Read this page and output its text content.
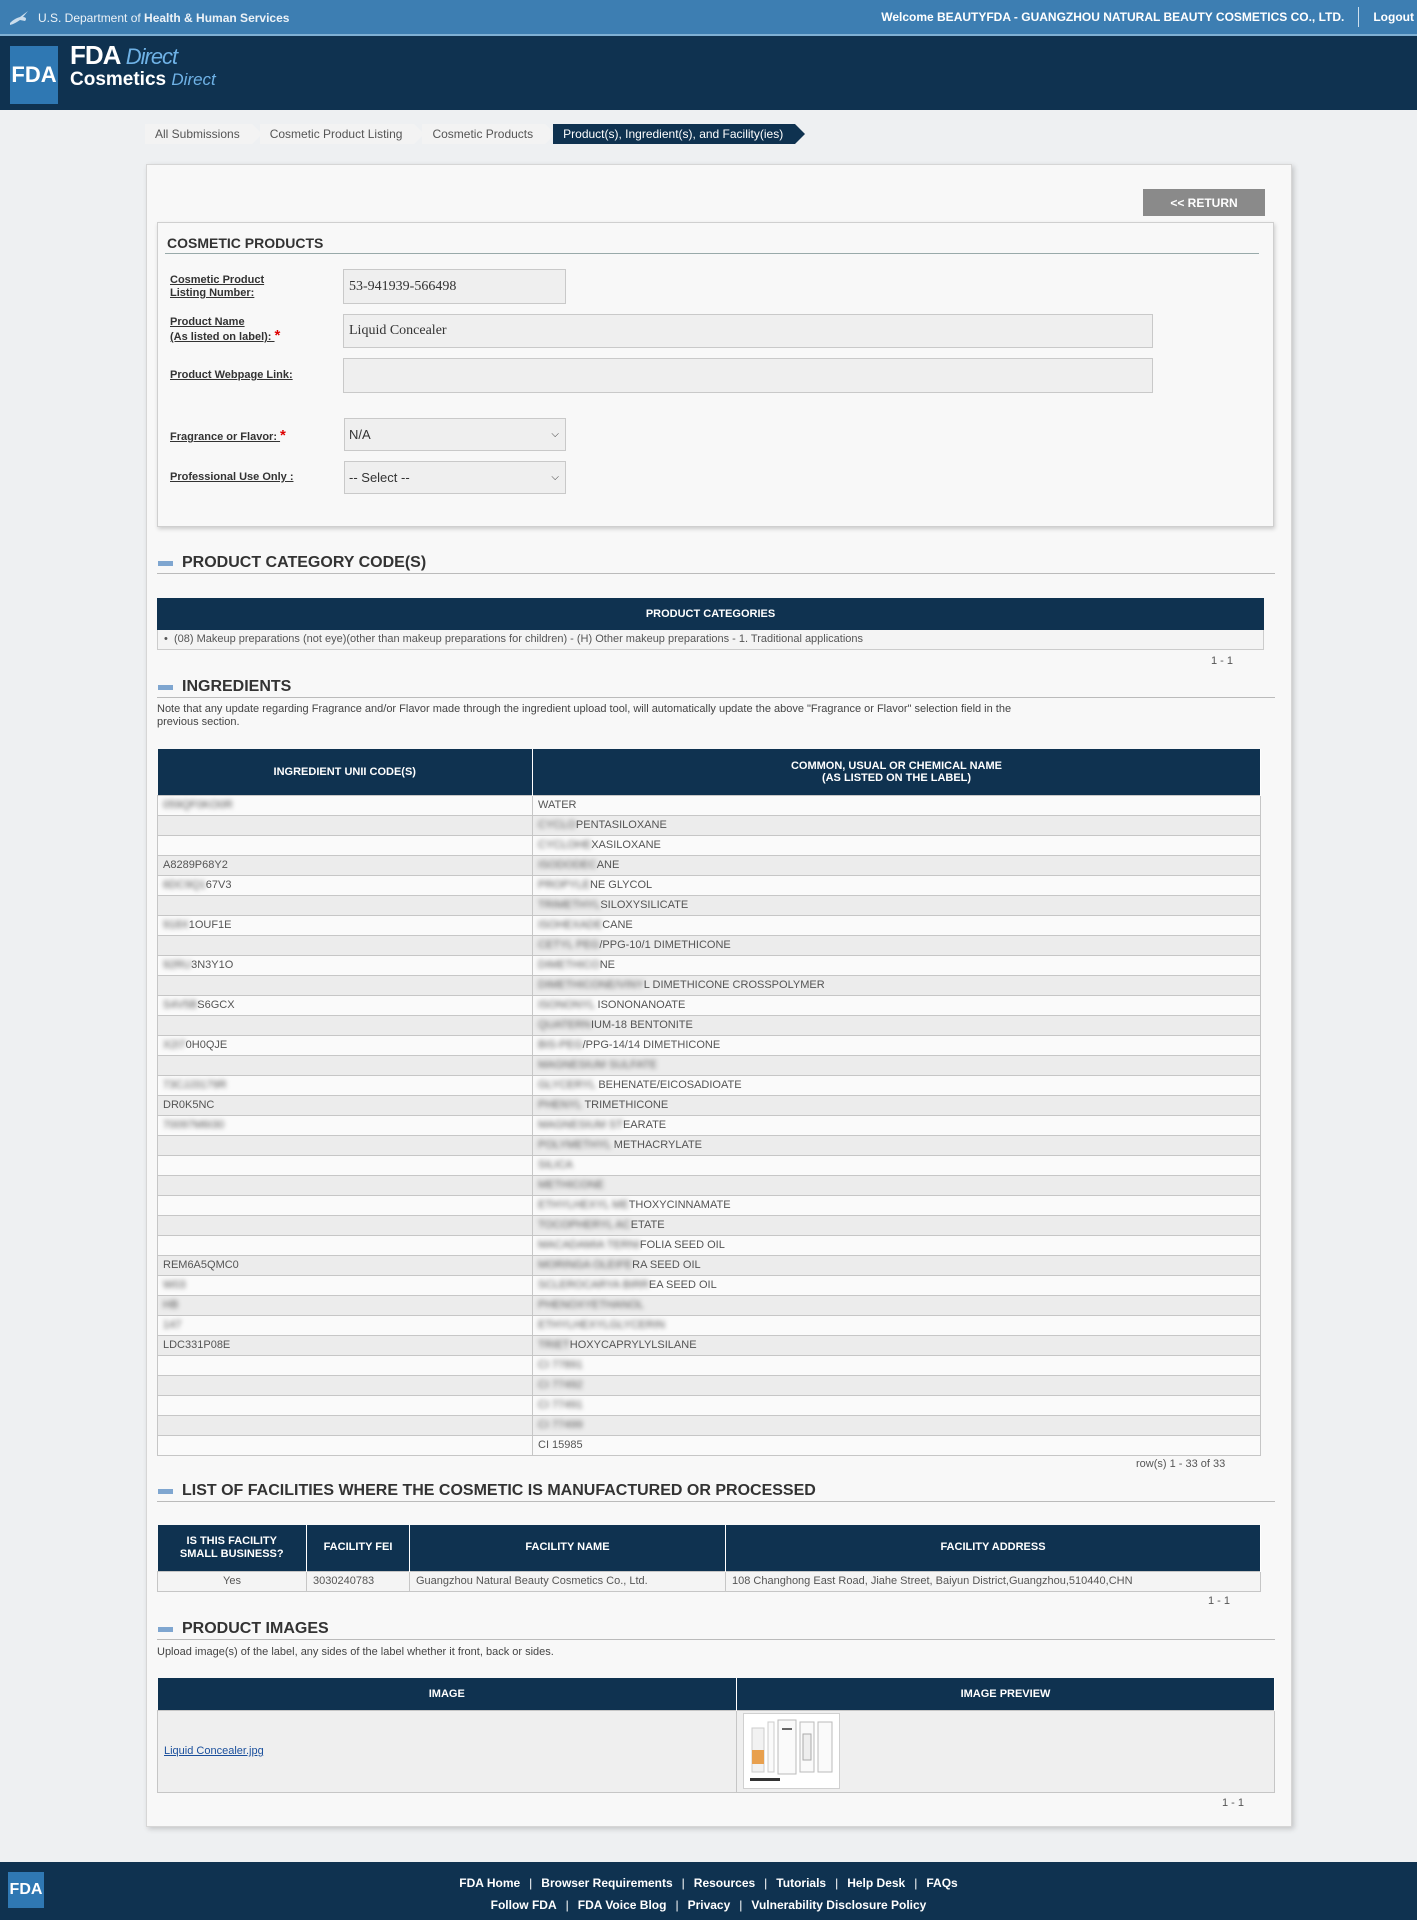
U.S. Department of Health & Human Services	Welcome BEAUTYFDA - GUANGZHOU NATURAL BEAUTY COSMETICS CO., LTD. Logout
FDA
FDA Direct
Cosmetics Direct
All Submissions	Cosmetic Product Listing	Cosmetic Products	Product(s), Ingredient(s), and Facility(ies)
<< RETURN
COSMETIC PRODUCTS
Cosmetic Product
Listing Number:	53-941939-566498
Product Name
(As listed on label): *	Liquid Concealer
Product Webpage Link:
Fragrance or Flavor: *	N/A	⌵
Professional Use Only :	-- Select --	⌵
PRODUCT CATEGORY CODE(S)
PRODUCT CATEGORIES
•  (08) Makeup preparations (not eye)(other than makeup preparations for children) - (H) Other makeup preparations - 1. Traditional applications
1 - 1
INGREDIENTS
Note that any update regarding Fragrance and/or Flavor made through the ingredient upload tool, will automatically update the above "Fragrance or Flavor" selection field in the previous section.
INGREDIENT UNII CODE(S)	COMMON, USUAL OR CHEMICAL NAME
(AS LISTED ON THE LABEL)
059QF0KO0R	WATER
	CYCLOPENTASILOXANE
	CYCLOHEXASILOXANE
A8289P68Y2	ISODODECANE
6DC9Q167V3	PROPYLENE GLYCOL
	TRIMETHYLSILOXYSILICATE
918X1OUF1E	ISOHEXADECANE
	CETYL PEG/PPG-10/1 DIMETHICONE
92RU3N3Y1O	DIMETHICONE
	DIMETHICONE/VINYL DIMETHICONE CROSSPOLYMER
S4V5BS6GCX	ISONONYL ISONONANOATE
	QUATERNIUM-18 BENTONITE
X2I70H0QJE	BIS-PEG/PPG-14/14 DIMETHICONE
	MAGNESIUM SULFATE
73CJJ3179R	GLYCERYL BEHENATE/EICOSADIOATE
DR0K5NC	PHENYL TRIMETHICONE
70097M6I30	MAGNESIUM STEARATE
	POLYMETHYL METHACRYLATE
	SILICA
	METHICONE
	ETHYLHEXYL METHOXYCINNAMATE
	TOCOPHERYL ACETATE
	MACADAMIA TERNIFOLIA SEED OIL
REM6A5QMC0	MORINGA OLEIFERA SEED OIL
W03	SCLEROCARYA BIRREA SEED OIL
HB	PHENOXYETHANOL
147	ETHYLHEXYLGLYCERIN
LDC331P08E	TRIETHOXYCAPRYLYLSILANE
	CI 77891
	CI 77492
	CI 77491
	CI 77499
	CI 15985
row(s) 1 - 33 of 33
LIST OF FACILITIES WHERE THE COSMETIC IS MANUFACTURED OR PROCESSED
IS THIS FACILITY
SMALL BUSINESS?	FACILITY FEI	FACILITY NAME	FACILITY ADDRESS
Yes	3030240783	Guangzhou Natural Beauty Cosmetics Co., Ltd.	108 Changhong East Road, Jiahe Street, Baiyun District,Guangzhou,510440,CHN
1 - 1
PRODUCT IMAGES
Upload image(s) of the label, any sides of the label whether it front, back or sides.
IMAGE	IMAGE PREVIEW
Liquid Concealer.jpg	
1 - 1
FDA	FDA Home | Browser Requirements | Resources | Tutorials | Help Desk | FAQs
Follow FDA | FDA Voice Blog | Privacy | Vulnerability Disclosure Policy
